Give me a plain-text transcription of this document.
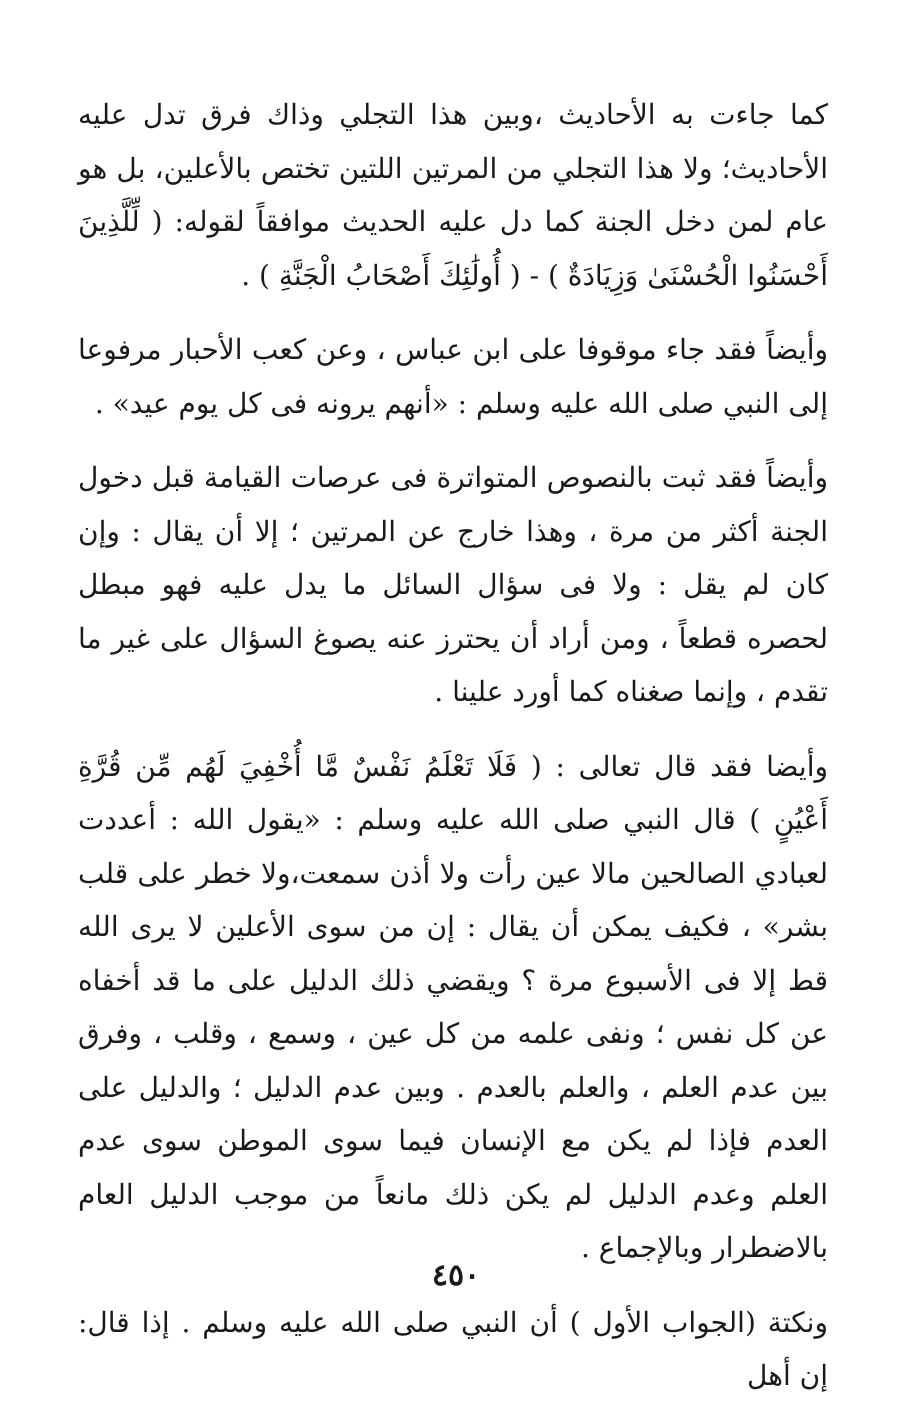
كما جاءت به الأحاديث ،وبين هذا التجلي وذاك فرق تدل عليه الأحاديث؛ ولا هذا التجلي من المرتين اللتين تختص بالأعلين، بل هو عام لمن دخل الجنة كما دل عليه الحديث موافقاً لقوله: ( لِّلَّذِينَ أَحْسَنُوا الْحُسْنَىٰ وَزِيَادَةٌ ) - ( أُولَٰئِكَ أَصْحَابُ الْجَنَّةِ ) .

وأيضاً فقد جاء موقوفا على ابن عباس ، وعن كعب الأحبار مرفوعا إلى النبي صلى الله عليه وسلم : «أنهم يرونه فى كل يوم عيد» .

وأيضاً فقد ثبت بالنصوص المتواترة فى عرصات القيامة قبل دخول الجنة أكثر من مرة ، وهذا خارج عن المرتين ؛ إلا أن يقال : وإن كان لم يقل : ولا فى سؤال السائل ما يدل عليه فهو مبطل لحصره قطعاً ، ومن أراد أن يحترز عنه يصوغ السؤال على غير ما تقدم ، وإنما صغناه كما أورد علينا .

وأيضا فقد قال تعالى : ( فَلَا تَعْلَمُ نَفْسٌ مَّا أُخْفِيَ لَهُم مِّن قُرَّةِ أَعْيُنٍ ) قال النبي صلى الله عليه وسلم : «يقول الله : أعددت لعبادي الصالحين مالا عين رأت ولا أذن سمعت،ولا خطر على قلب بشر» ، فكيف يمكن أن يقال : إن من سوى الأعلين لا يرى الله قط إلا فى الأسبوع مرة ؟ ويقضي ذلك الدليل على ما قد أخفاه عن كل نفس ؛ ونفى علمه من كل عين ، وسمع ، وقلب ، وفرق بين عدم العلم ، والعلم بالعدم . وبين عدم الدليل ؛ والدليل على العدم فإذا لم يكن مع الإنسان فيما سوى الموطن سوى عدم العلم وعدم الدليل لم يكن ذلك مانعاً من موجب الدليل العام بالاضطرار وبالإجماع .

ونكتة (الجواب الأول ) أن النبي صلى الله عليه وسلم . إذا قال: إن أهل

٤٥٠
